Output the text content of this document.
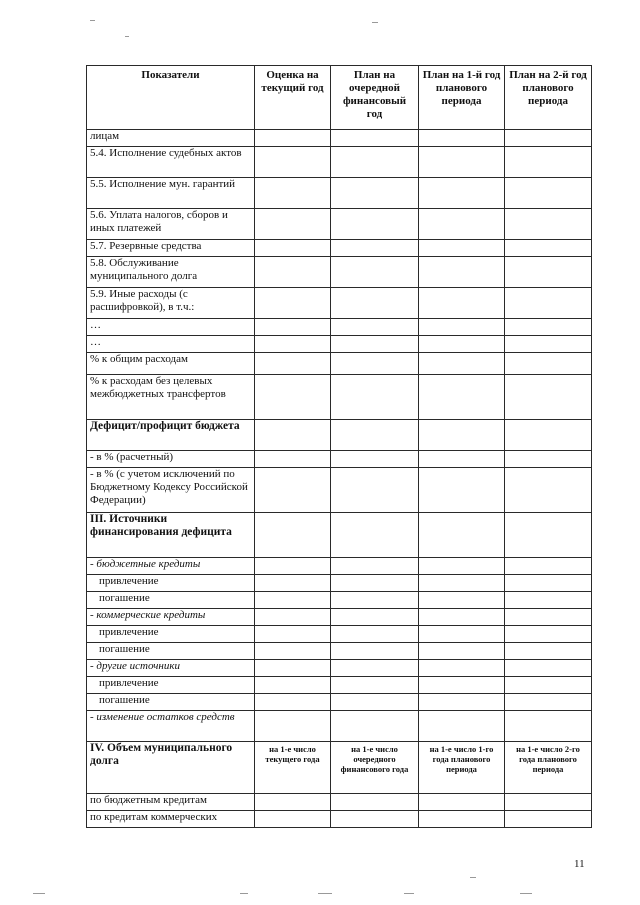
Показатели	Оценка на текущий год	План на очередной финансовый год	План на 1-й год планового периода	План на 2-й год планового периода
лицам				
5.4. Исполнение судебных актов				
5.5. Исполнение мун. гарантий				
5.6. Уплата налогов, сборов и иных платежей				
5.7. Резервные средства				
5.8. Обслуживание муниципального долга				
5.9. Иные расходы (с расшифровкой), в т.ч.:				
…				
…				
% к общим расходам				
% к расходам без целевых межбюджетных трансфертов				
Дефицит/профицит бюджета				
- в % (расчетный)				
- в % (с учетом исключений по Бюджетному Кодексу Российской Федерации)				
III. Источники финансирования дефицита				
- бюджетные кредиты				
привлечение				
погашение				
- коммерческие кредиты				
привлечение				
погашение				
- другие источники				
привлечение				
погашение				
- изменение остатков средств				
IV. Объем муниципального долга	на 1-е число текущего года	на 1-е число очередного финансового года	на 1-е число 1-го года планового периода	на 1-е число 2-го года планового периода
по бюджетным кредитам				
по кредитам коммерческих				
11
